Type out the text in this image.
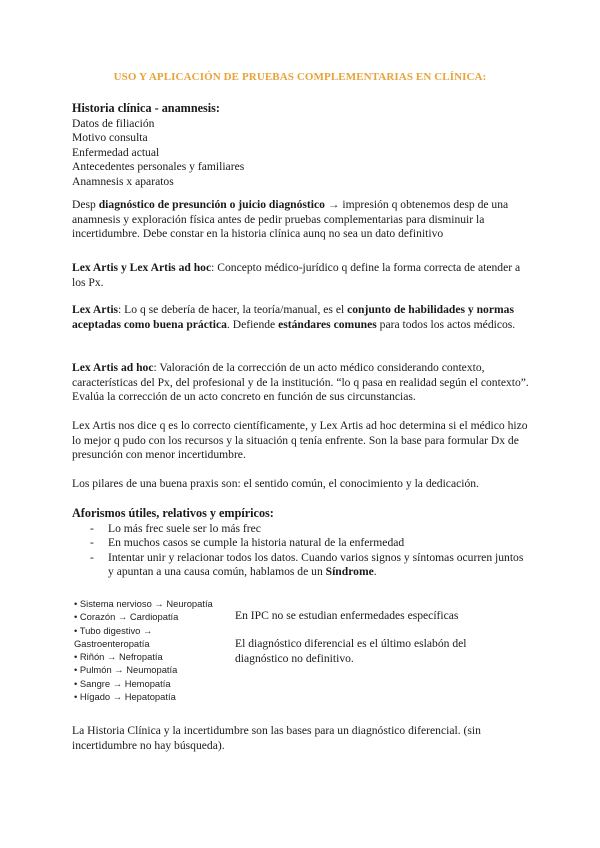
USO Y APLICACIÓN DE PRUEBAS COMPLEMENTARIAS EN CLÍNICA:

Historia clínica - anamnesis:

Datos de filiación
Motivo consulta
Enfermedad actual
Antecedentes personales y familiares
Anamnesis x aparatos

Desp diagnóstico de presunción o juicio diagnóstico → impresión q obtenemos desp de una anamnesis y exploración física antes de pedir pruebas complementarias para disminuir la incertidumbre. Debe constar en la historia clínica aunq no sea un dato definitivo

Lex Artis y Lex Artis ad hoc: Concepto médico-jurídico q define la forma correcta de atender a los Px.

Lex Artis: Lo q se debería de hacer, la teoría/manual, es el conjunto de habilidades y normas aceptadas como buena práctica. Defiende estándares comunes para todos los actos médicos.

Lex Artis ad hoc: Valoración de la corrección de un acto médico considerando contexto, características del Px, del profesional y de la institución. “lo q pasa en realidad según el contexto”. Evalúa la corrección de un acto concreto en función de sus circunstancias.

Lex Artis nos dice q es lo correcto científicamente, y Lex Artis ad hoc determina si el médico hizo lo mejor q pudo con los recursos y la situación q tenía enfrente. Son la base para formular Dx de presunción con menor incertidumbre.

Los pilares de una buena praxis son: el sentido común, el conocimiento y la dedicación.

Aforismos útiles, relativos y empíricos:

- Lo más frec suele ser lo más frec
- En muchos casos se cumple la historia natural de la enfermedad
- Intentar unir y relacionar todos los datos. Cuando varios signos y síntomas ocurren juntos y apuntan a una causa común, hablamos de un Síndrome.
• Sistema nervioso → Neuropatía
• Corazón → Cardiopatía
• Tubo digestivo →
Gastroenteropatía
• Riñón → Nefropatía
• Pulmón → Neumopatía
• Sangre → Hemopatía
• Hígado → Hepatopatía

En IPC no se estudian enfermedades específicas

El diagnóstico diferencial es el último eslabón del diagnóstico no definitivo.

La Historia Clínica y la incertidumbre son las bases para un diagnóstico diferencial. (sin incertidumbre no hay búsqueda).
